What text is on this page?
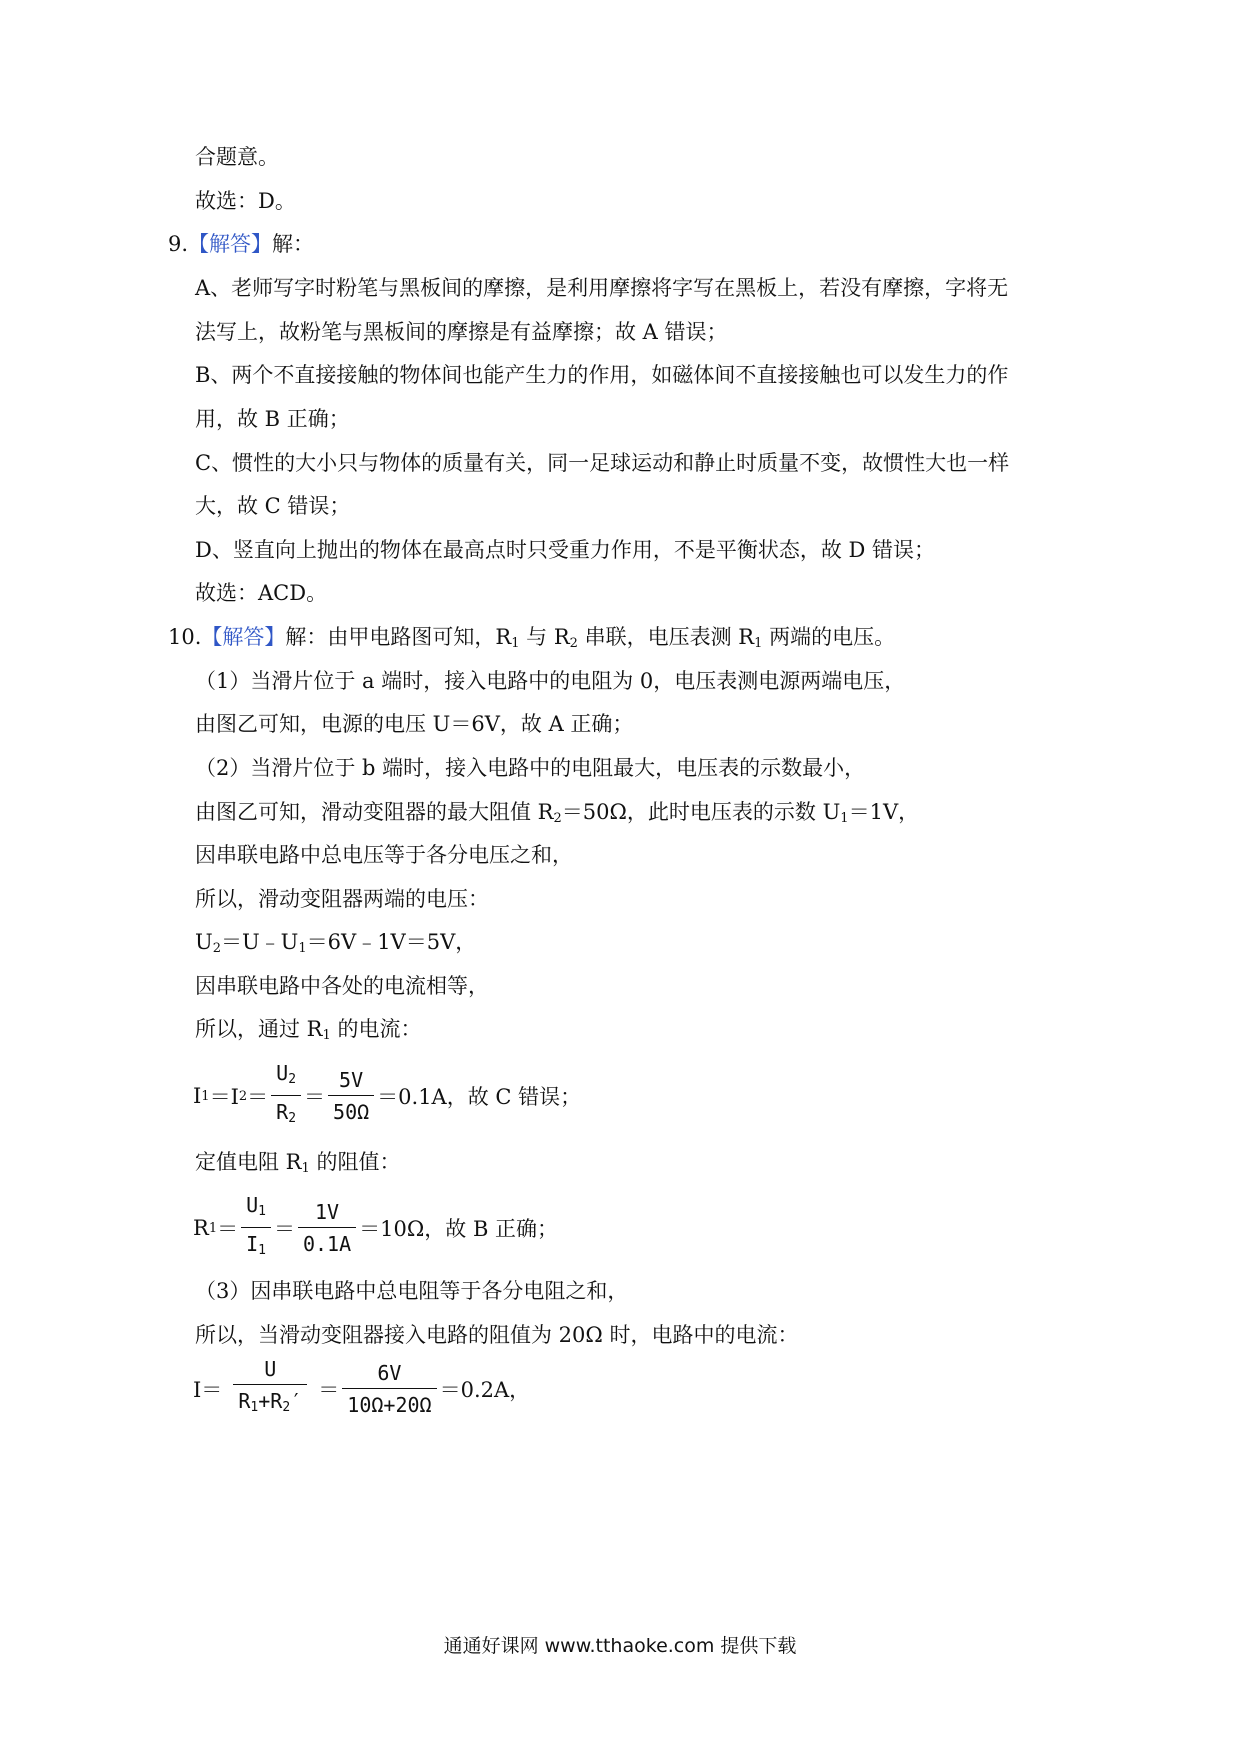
合题意。
故选：D。
9.【解答】解：
A、老师写字时粉笔与黑板间的摩擦，是利用摩擦将字写在黑板上，若没有摩擦，字将无
法写上，故粉笔与黑板间的摩擦是有益摩擦；故 A 错误；
B、两个不直接接触的物体间也能产生力的作用，如磁体间不直接接触也可以发生力的作
用，故 B 正确；
C、惯性的大小只与物体的质量有关，同一足球运动和静止时质量不变，故惯性大也一样
大，故 C 错误；
D、竖直向上抛出的物体在最高点时只受重力作用，不是平衡状态，故 D 错误；
故选：ACD。
10.【解答】解：由甲电路图可知，$R_1$ 与 $R_2$ 串联，电压表测 $R_1$ 两端的电压。
（1）当滑片位于 a 端时，接入电路中的电阻为 0，电压表测电源两端电压，
由图乙可知，电源的电压 U＝6V，故 A 正确；
（2）当滑片位于 b 端时，接入电路中的电阻最大，电压表的示数最小，
由图乙可知，滑动变阻器的最大阻值 $R_2=50\Omega$，此时电压表的示数 $U_1=1V$，
因串联电路中总电压等于各分电压之和，
所以，滑动变阻器两端的电压：
$U_2=U﹣U_1=6V﹣1V=5V$，
因串联电路中各处的电流相等，
所以，通过 $R_1$ 的电流：
I 1 ＝I $2 = \frac{U_2}{R_2} = \frac{5V}{50\Omega} =0.1A$，故 C 错误；
定值电阻 $R_1$ 的阻值：
R $1 = \frac{U_1}{I_1} = \frac{1V}{0.1A} =10\Omega$，故 B 正确；
（3）因串联电路中总电阻等于各分电阻之和，
所以，当滑动变阻器接入电路的阻值为 20Ω 时，电路中的电流：
$I= \frac{U}{R_1+R_2'} = \frac{6V}{10\Omega+20\Omega} =0.2A$，
通通好课网 www.tthaoke.com 提供下载
